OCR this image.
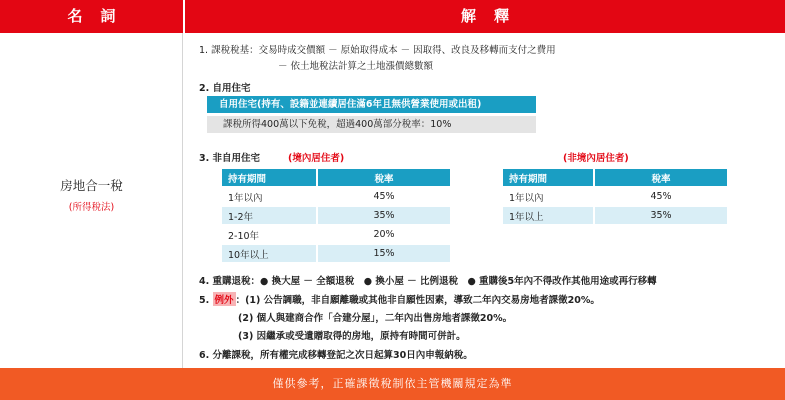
名詞	解釋
房地合一稅
(所得稅法)
1. 課稅稅基：交易時成交價額 － 原始取得成本 － 因取得、改良及移轉而支付之費用
－ 依土地稅法計算之土地漲價總數額
2. 自用住宅
自用住宅(持有、設籍並連續居住滿6年且無供營業使用或出租)
課稅所得400萬以下免稅，超過400萬部分稅率：10%
3. 非自用住宅	(境內居住者)	(非境內居住者)
持有期間		稅率
1年以內		45%
1-2年		35%
2-10年		20%
10年以上		15%
持有期間		稅率
1年以內		45%
1年以上		35%
4. 重購退稅：● 換大屋 － 全額退稅　● 換小屋 － 比例退稅　● 重購後5年內不得改作其他用途或再行移轉
5. 例外 ：(1) 公告調職，非自願離職或其他非自願性因素，導致二年內交易房地者課徵20%。
(2) 個人與建商合作「合建分屋」，二年內出售房地者課徵20%。
(3) 因繼承或受遺贈取得的房地，原持有時間可併計。
6. 分離課稅，所有權完成移轉登記之次日起算30日內申報納稅。
僅供參考，正確課徵稅制依主管機關規定為準
